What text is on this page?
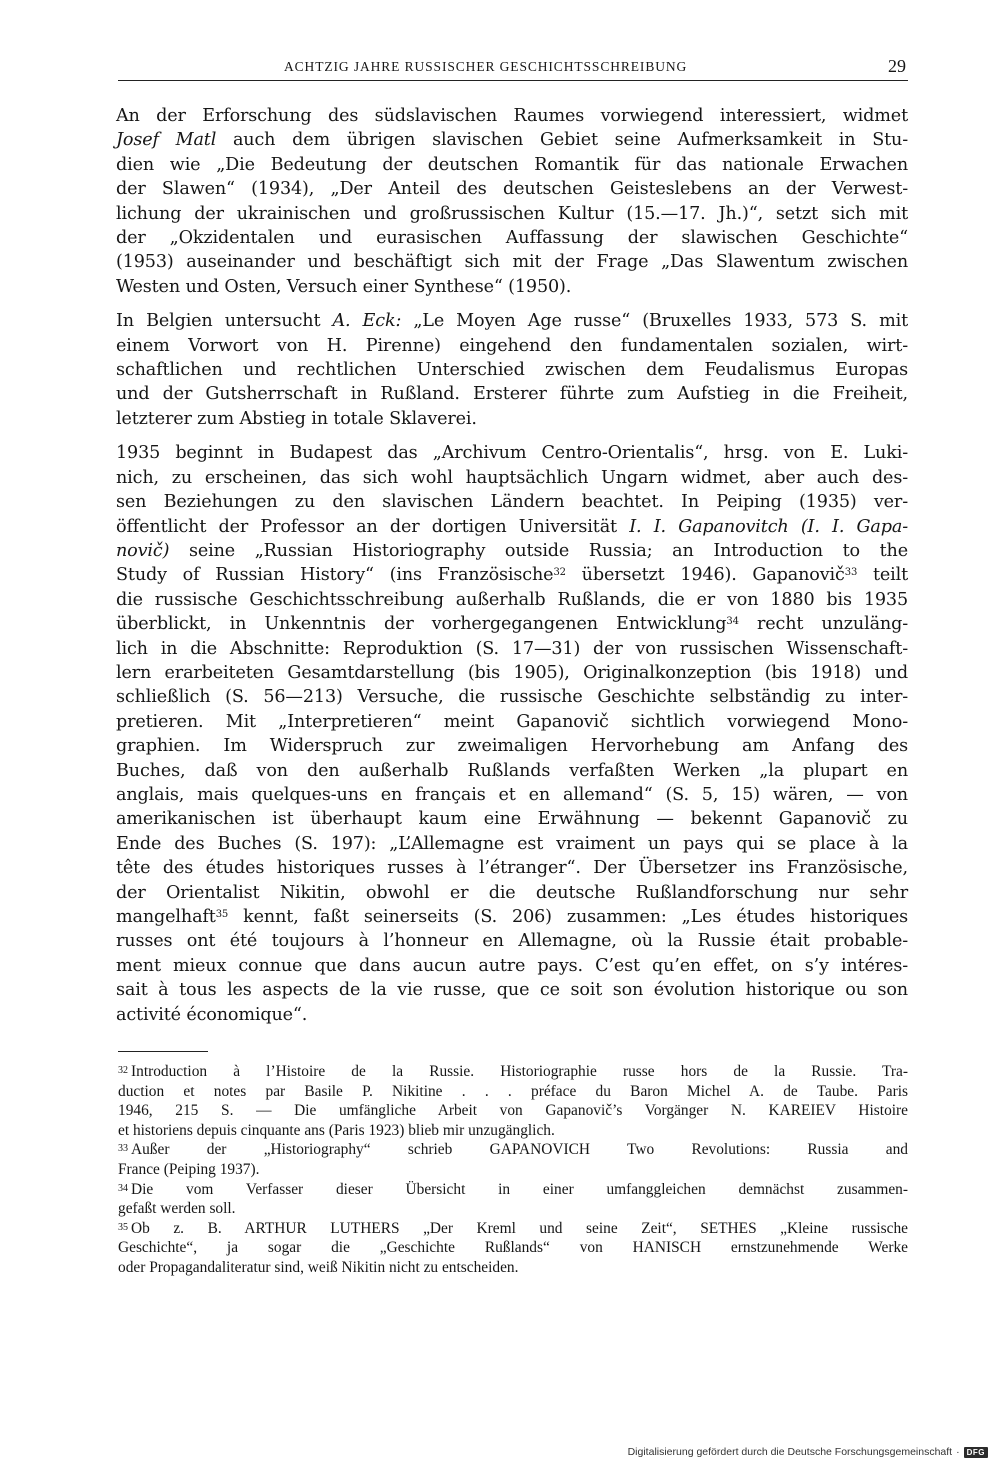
ACHTZIG JAHRE RUSSISCHER GESCHICHTSSCHREIBUNG	29

An der Erforschung des südslavischen Raumes vorwiegend interessiert, widmet
Josef Matl auch dem übrigen slavischen Gebiet seine Aufmerksamkeit in Stu-
dien wie „Die Bedeutung der deutschen Romantik für das nationale Erwachen
der Slawen“ (1934), „Der Anteil des deutschen Geisteslebens an der Verwest-
lichung der ukrainischen und großrussischen Kultur (15.—17. Jh.)“, setzt sich mit
der „Okzidentalen und eurasischen Auffassung der slawischen Geschichte“
(1953) auseinander und beschäftigt sich mit der Frage „Das Slawentum zwischen
Westen und Osten, Versuch einer Synthese“ (1950).

In Belgien untersucht A. Eck: „Le Moyen Age russe“ (Bruxelles 1933, 573 S. mit
einem Vorwort von H. Pirenne) eingehend den fundamentalen sozialen, wirt-
schaftlichen und rechtlichen Unterschied zwischen dem Feudalismus Europas
und der Gutsherrschaft in Rußland. Ersterer führte zum Aufstieg in die Freiheit,
letzterer zum Abstieg in totale Sklaverei.

1935 beginnt in Budapest das „Archivum Centro-Orientalis“, hrsg. von E. Luki-
nich, zu erscheinen, das sich wohl hauptsächlich Ungarn widmet, aber auch des-
sen Beziehungen zu den slavischen Ländern beachtet. In Peiping (1935) ver-
öffentlicht der Professor an der dortigen Universität I. I. Gapanovitch (I. I. Gapa-
novič) seine „Russian Historiography outside Russia; an Introduction to the
Study of Russian History“ (ins Französische$^{32}$ übersetzt 1946). Gapanovič$^{33}$ teilt
die russische Geschichtsschreibung außerhalb Rußlands, die er von 1880 bis 1935
überblickt, in Unkenntnis der vorhergegangenen Entwicklung$^{34}$ recht unzuläng-
lich in die Abschnitte: Reproduktion (S. 17—31) der von russischen Wissenschaft-
lern erarbeiteten Gesamtdarstellung (bis 1905), Originalkonzeption (bis 1918) und
schließlich (S. 56—213) Versuche, die russische Geschichte selbständig zu inter-
pretieren. Mit „Interpretieren“ meint Gapanovič sichtlich vorwiegend Mono-
graphien. Im Widerspruch zur zweimaligen Hervorhebung am Anfang des
Buches, daß von den außerhalb Rußlands verfaßten Werken „la plupart en
anglais, mais quelques-uns en français et en allemand“ (S. 5, 15) wären, — von
amerikanischen ist überhaupt kaum eine Erwähnung — bekennt Gapanovič zu
Ende des Buches (S. 197): „L’Allemagne est vraiment un pays qui se place à la
tête des études historiques russes à l’étranger“. Der Übersetzer ins Französische,
der Orientalist Nikitin, obwohl er die deutsche Rußlandforschung nur sehr
mangelhaft$^{35}$ kennt, faßt seinerseits (S. 206) zusammen: „Les études historiques
russes ont été toujours à l’honneur en Allemagne, où la Russie était probable-
ment mieux connue que dans aucun autre pays. C’est qu’en effet, on s’y intéres-
sait à tous les aspects de la vie russe, que ce soit son évolution historique ou son
activité économique“.

$^{32}$ Introduction à l’Histoire de la Russie. Historiographie russe hors de la Russie. Tra-
duction et notes par Basile P. Nikitine . . . préface du Baron Michel A. de Taube. Paris
1946, 215 S. — Die umfängliche Arbeit von Gapanovič’s Vorgänger N. KAREIEV Histoire
et historiens depuis cinquante ans (Paris 1923) blieb mir unzugänglich.
$^{33}$ Außer der „Historiography“ schrieb GAPANOVICH Two Revolutions: Russia and
France (Peiping 1937).
$^{34}$ Die vom Verfasser dieser Übersicht in einer umfanggleichen demnächst zusammen-
gefaßt werden soll.
$^{35}$ Ob z. B. ARTHUR LUTHERS „Der Kreml und seine Zeit“, SETHES „Kleine russische
Geschichte“, ja sogar die „Geschichte Rußlands“ von HANISCH ernstzunehmende Werke
oder Propagandaliteratur sind, weiß Nikitin nicht zu entscheiden.
Digitalisierung gefördert durch die Deutsche Forschungsgemeinschaft · DFG
